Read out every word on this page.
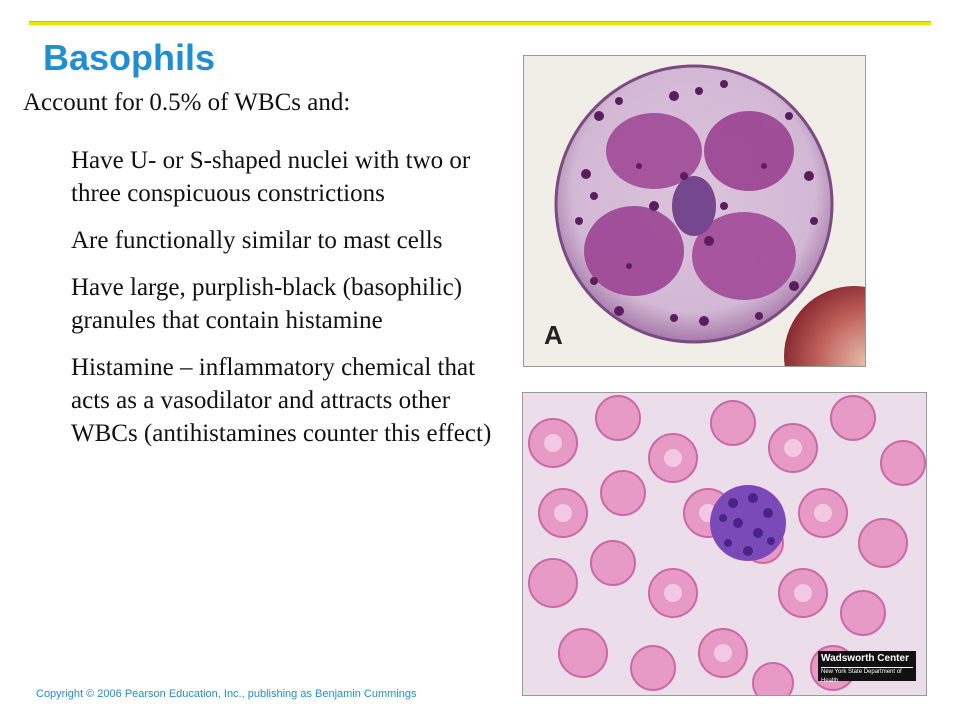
Basophils

Account for 0.5% of WBCs and:

Have U- or S-shaped nuclei with two or three conspicuous constrictions
Are functionally similar to mast cells
Have large, purplish-black (basophilic) granules that contain histamine
Histamine – inflammatory chemical that acts as a vasodilator and attracts other WBCs (antihistamines counter this effect)
A
Wadsworth Center
New York State Department of Health
Copyright © 2006 Pearson Education, Inc., publishing as Benjamin Cummings
